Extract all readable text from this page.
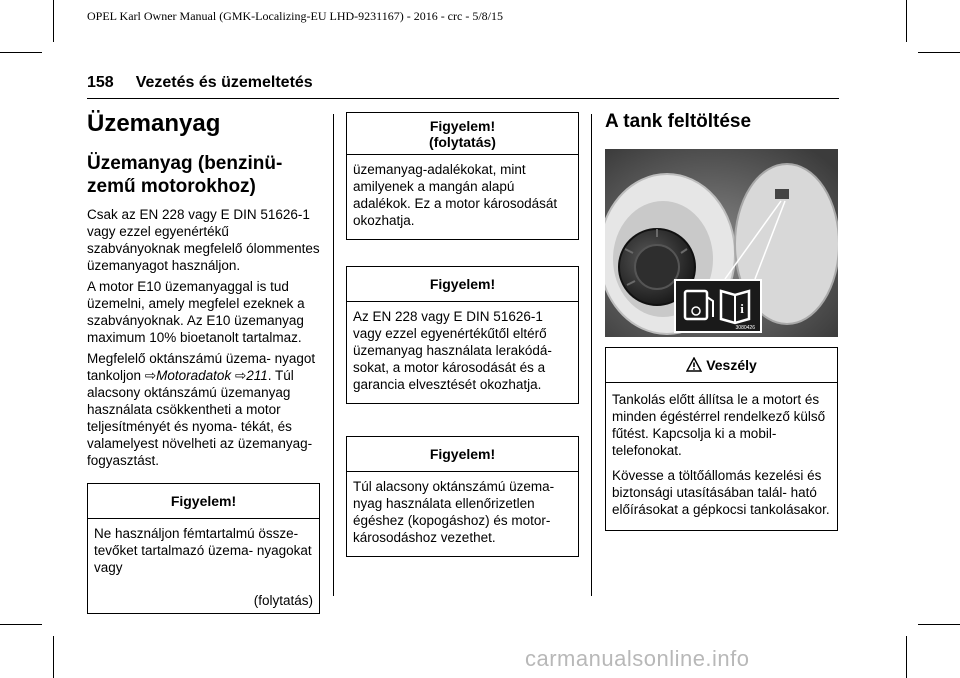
OPEL Karl Owner Manual (GMK-Localizing-EU LHD-9231167) - 2016 - crc - 5/8/15
158 Vezetés és üzemeltetés
Üzemanyag
Üzemanyag (benzinü- zemű motorokhoz)

Csak az EN 228 vagy E DIN 51626-1 vagy ezzel egyenértékű szabványoknak megfelelő ólommentes üzemanyagot használjon.

A motor E10 üzemanyaggal is tud üzemelni, amely megfelel ezeknek a szabványoknak. Az E10 üzemanyag maximum 10% bioetanolt tartalmaz.

Megfelelő oktánszámú üzema- nyagot tankoljon ⇨Motoradatok ⇨211. Túl alacsony oktánszámú üzemanyag használata csökkentheti a motor teljesítményét és nyoma- tékát, és valamelyest növelheti az üzemanyag-fogyasztást.

Figyelem!

Ne használjon fémtartalmú össze- tevőket tartalmazó üzema- nyagokat vagy

(folytatás)
Figyelem!
(folytatás)

üzemanyag-adalékokat, mint amilyenek a mangán alapú adalékok. Ez a motor károsodását okozhatja.

Figyelem!

Az EN 228 vagy E DIN 51626-1 vagy ezzel egyenértékűtől eltérő üzemanyag használata lerakódá- sokat, a motor károsodását és a garancia elvesztését okozhatja.

Figyelem!

Túl alacsony oktánszámú üzema- nyag használata ellenőrizetlen égéshez (kopogáshoz) és motor- károsodáshoz vezethet.

A tank feltöltése
i
3080426
Veszély

Tankolás előtt állítsa le a motort és minden égéstérrel rendelkező külső fűtést. Kapcsolja ki a mobil- telefonokat.

Kövesse a töltőállomás kezelési és biztonsági utasításában talál- ható előírásokat a gépkocsi tankolásakor.

carmanualsonline.info
